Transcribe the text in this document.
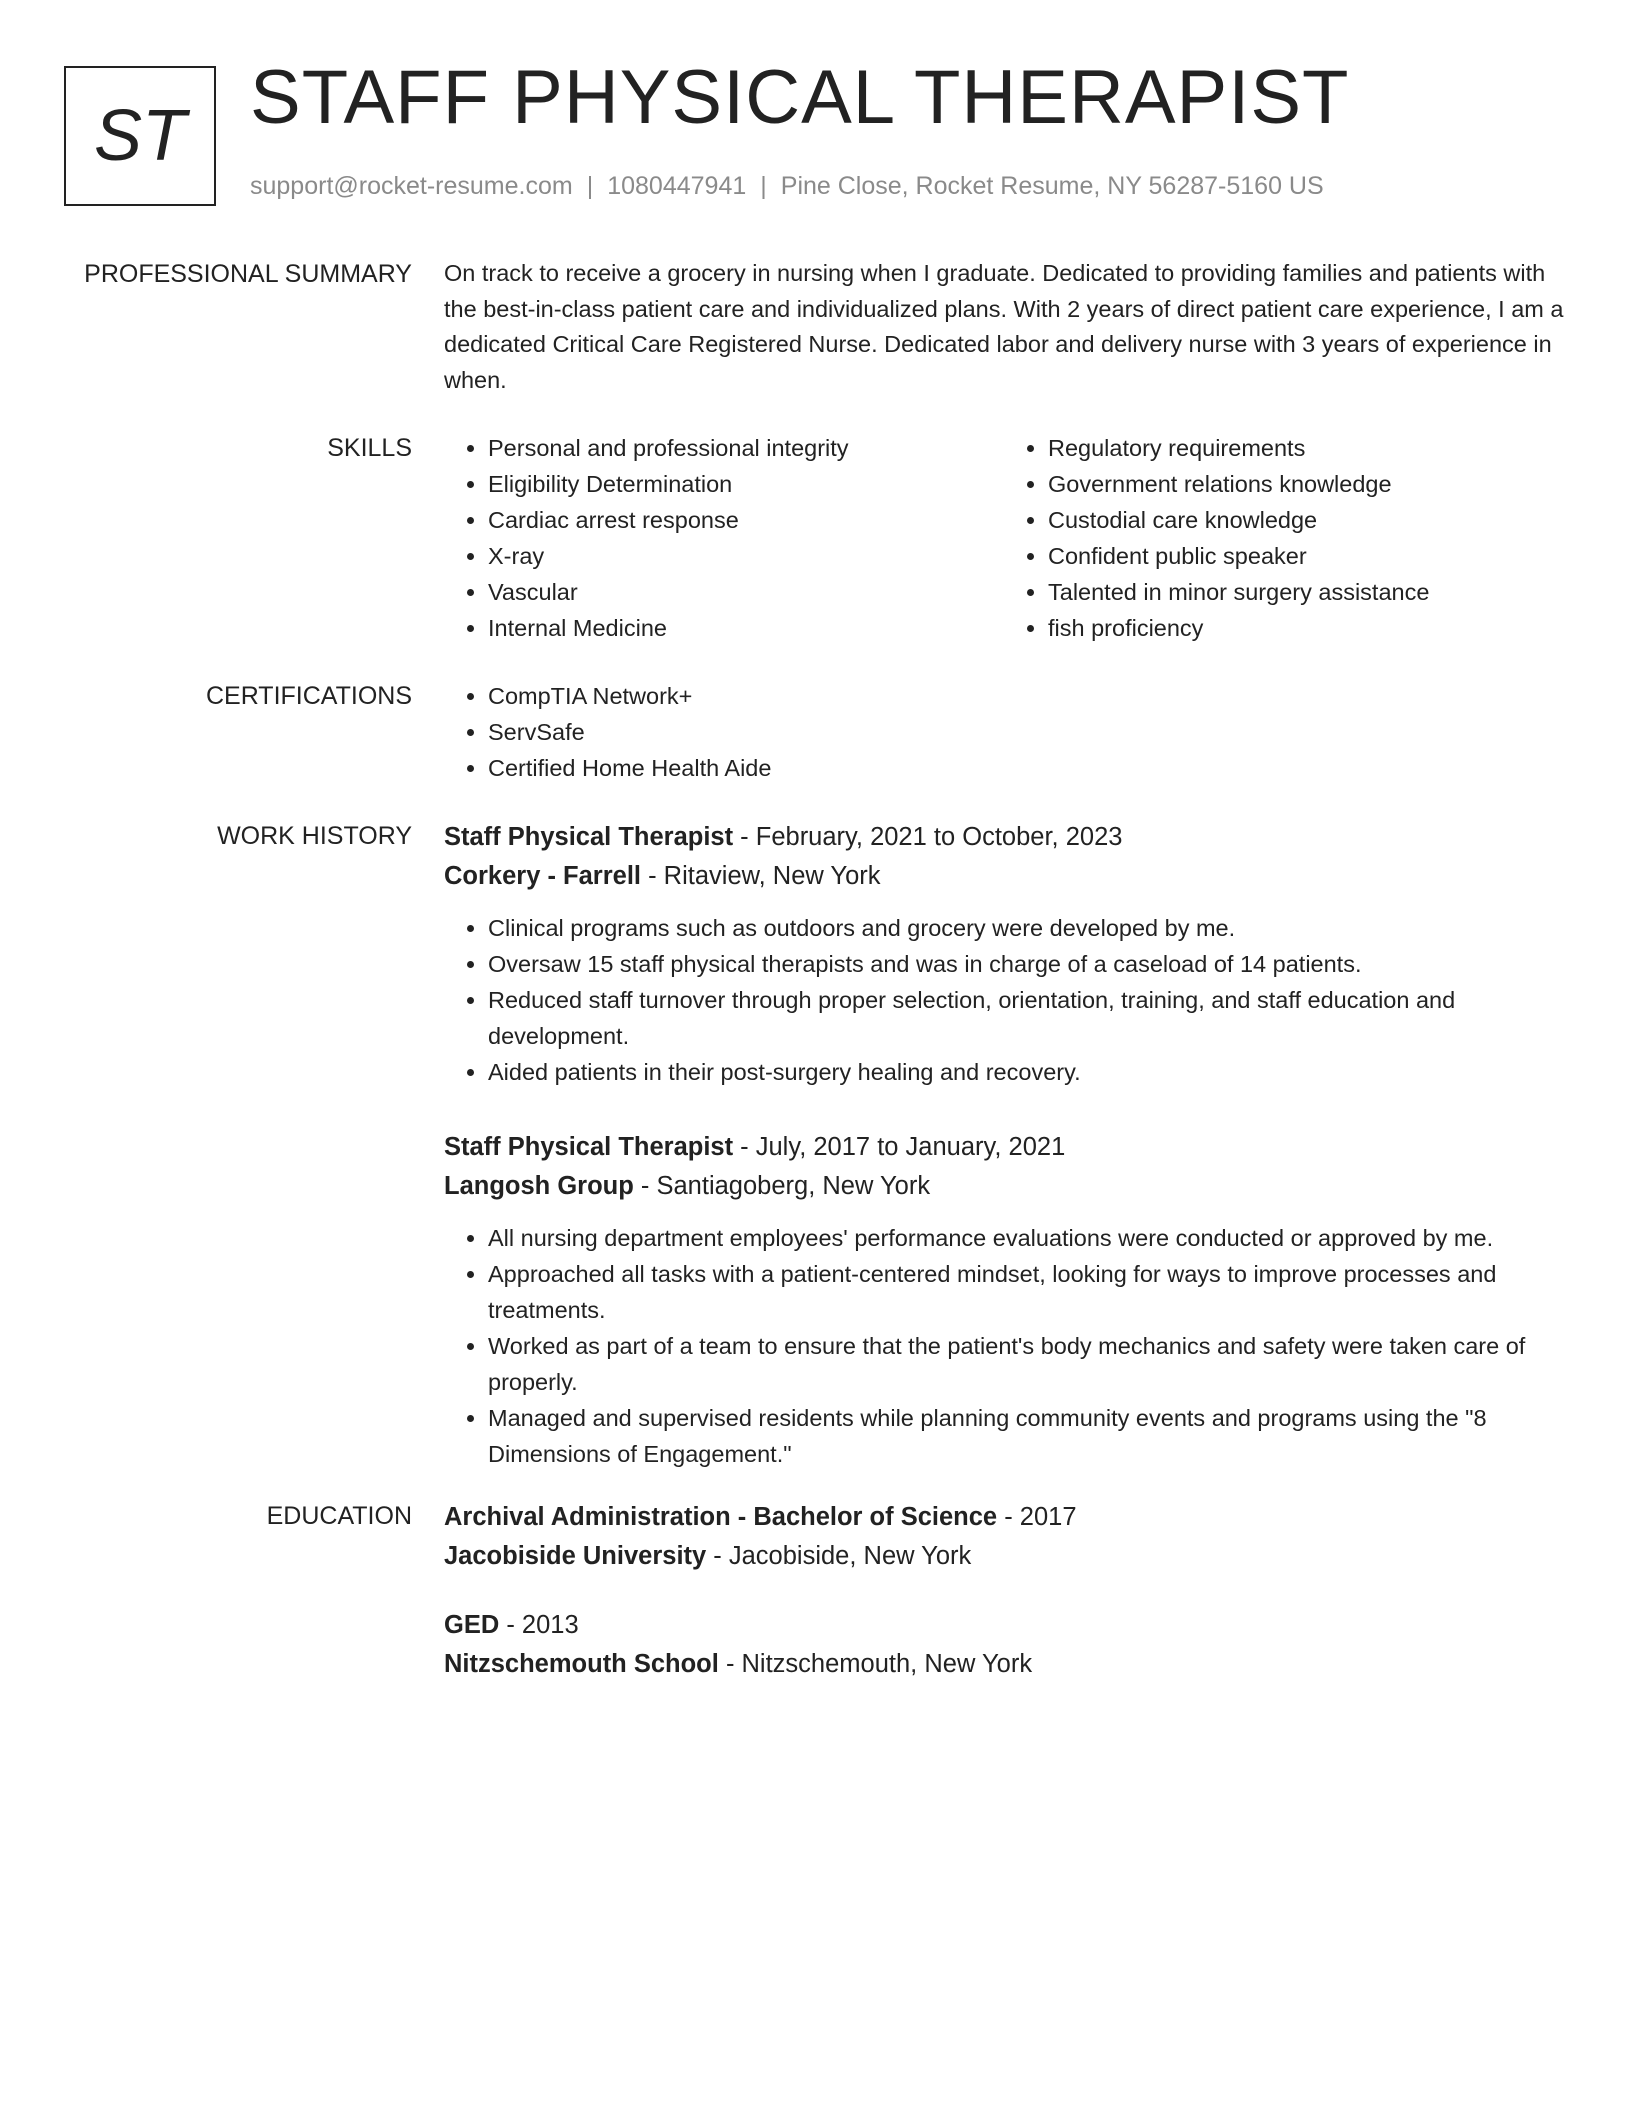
ST STAFF PHYSICAL THERAPIST
support@rocket-resume.com | 1080447941 | Pine Close, Rocket Resume, NY 56287-5160 US
PROFESSIONAL SUMMARY On track to receive a grocery in nursing when I graduate. Dedicated to providing families and patients with the best-in-class patient care and individualized plans. With 2 years of direct patient care experience, I am a dedicated Critical Care Registered Nurse. Dedicated labor and delivery nurse with 3 years of experience in when.
SKILLS	• Personal and professional integrity
• Eligibility Determination
• Cardiac arrest response
• X-ray
• Vascular
• Internal Medicine
• Regulatory requirements
• Government relations knowledge
• Custodial care knowledge
• Confident public speaker
• Talented in minor surgery assistance
• fish proficiency
CERTIFICATIONS	• CompTIA Network+
• ServSafe
• Certified Home Health Aide
WORK HISTORY Staff Physical Therapist - February, 2021 to October, 2023
Corkery - Farrell - Ritaview, New York
• Clinical programs such as outdoors and grocery were developed by me.
• Oversaw 15 staff physical therapists and was in charge of a caseload of 14 patients.
• Reduced staff turnover through proper selection, orientation, training, and staff education and development.
• Aided patients in their post-surgery healing and recovery.
Staff Physical Therapist - July, 2017 to January, 2021
Langosh Group - Santiagoberg, New York
• All nursing department employees' performance evaluations were conducted or approved by me.
• Approached all tasks with a patient-centered mindset, looking for ways to improve processes and treatments.
• Worked as part of a team to ensure that the patient's body mechanics and safety were taken care of properly.
• Managed and supervised residents while planning community events and programs using the "8 Dimensions of Engagement."
EDUCATION Archival Administration - Bachelor of Science - 2017
Jacobiside University - Jacobiside, New York
GED - 2013
Nitzschemouth School - Nitzschemouth, New York
